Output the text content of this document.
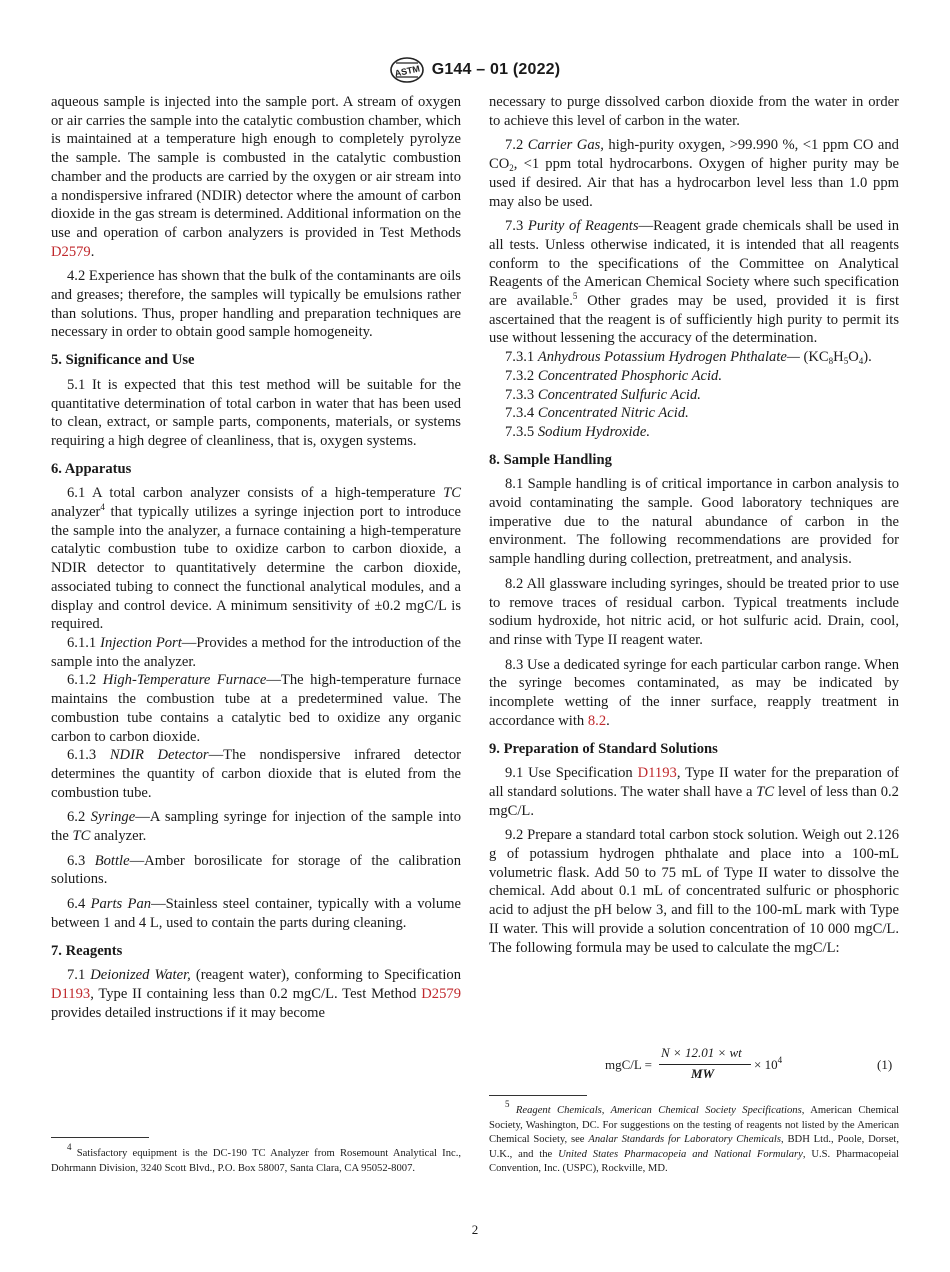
ASTM G144 – 01 (2022)

aqueous sample is injected into the sample port. A stream of oxygen or air carries the sample into the catalytic combustion chamber, which is maintained at a temperature high enough to completely pyrolyze the sample. The sample is combusted in the catalytic combustion chamber and the products are carried by the oxygen or air stream into a nondispersive infrared (NDIR) detector where the amount of carbon dioxide in the gas stream is determined. Additional information on the use and operation of carbon analyzers is provided in Test Methods D2579.

4.2 Experience has shown that the bulk of the contaminants are oils and greases; therefore, the samples will typically be emulsions rather than solutions. Thus, proper handling and preparation techniques are necessary in order to obtain good sample homogeneity.

5. Significance and Use

5.1 It is expected that this test method will be suitable for the quantitative determination of total carbon in water that has been used to clean, extract, or sample parts, components, materials, or systems requiring a high degree of cleanliness, that is, oxygen systems.

6. Apparatus

6.1 A total carbon analyzer consists of a high-temperature TC analyzer$^4$ that typically utilizes a syringe injection port to introduce the sample into the analyzer, a furnace containing a high-temperature catalytic combustion tube to oxidize carbon to carbon dioxide, a NDIR detector to quantitatively determine the carbon dioxide, associated tubing to connect the functional analytical modules, and a display and control device. A minimum sensitivity of ±0.2 mgC/L is required.

6.1.1 Injection Port—Provides a method for the introduction of the sample into the analyzer.

6.1.2 High-Temperature Furnace—The high-temperature furnace maintains the combustion tube at a predetermined value. The combustion tube contains a catalytic bed to oxidize any organic carbon to carbon dioxide.

6.1.3 NDIR Detector—The nondispersive infrared detector determines the quantity of carbon dioxide that is eluted from the combustion tube.

6.2 Syringe—A sampling syringe for injection of the sample into the TC analyzer.

6.3 Bottle—Amber borosilicate for storage of the calibration solutions.

6.4 Parts Pan—Stainless steel container, typically with a volume between 1 and 4 L, used to contain the parts during cleaning.

7. Reagents

7.1 Deionized Water, (reagent water), conforming to Specification D1193, Type II containing less than 0.2 mgC/L. Test Method D2579 provides detailed instructions if it may become

$^4$ Satisfactory equipment is the DC-190 TC Analyzer from Rosemount Analytical Inc., Dohrmann Division, 3240 Scott Blvd., P.O. Box 58007, Santa Clara, CA 95052-8007.

necessary to purge dissolved carbon dioxide from the water in order to achieve this level of carbon in the water.

7.2 Carrier Gas, high-purity oxygen, >99.990 %, <1 ppm CO and $CO_2$, <1 ppm total hydrocarbons. Oxygen of higher purity may be used if desired. Air that has a hydrocarbon level less than 1.0 ppm may also be used.

7.3 Purity of Reagents—Reagent grade chemicals shall be used in all tests. Unless otherwise indicated, it is intended that all reagents conform to the specifications of the Committee on Analytical Reagents of the American Chemical Society where such specification are available.$^5$ Other grades may be used, provided it is first ascertained that the reagent is of sufficiently high purity to permit its use without lessening the accuracy of the determination.

7.3.1 Anhydrous Potassium Hydrogen Phthalate— $(KC_8H_5O_4)$.

7.3.2 Concentrated Phosphoric Acid.

7.3.3 Concentrated Sulfuric Acid.

7.3.4 Concentrated Nitric Acid.

7.3.5 Sodium Hydroxide.

8. Sample Handling

8.1 Sample handling is of critical importance in carbon analysis to avoid contaminating the sample. Good laboratory techniques are imperative due to the natural abundance of carbon in the environment. The following recommendations are provided for sample handling during collection, pretreatment, and analysis.

8.2 All glassware including syringes, should be treated prior to use to remove traces of residual carbon. Typical treatments include sodium hydroxide, hot nitric acid, or hot sulfuric acid. Drain, cool, and rinse with Type II reagent water.

8.3 Use a dedicated syringe for each particular carbon range. When the syringe becomes contaminated, as may be indicated by incomplete wetting of the inner surface, reapply treatment in accordance with 8.2.

9. Preparation of Standard Solutions

9.1 Use Specification D1193, Type II water for the preparation of all standard solutions. The water shall have a TC level of less than 0.2 mgC/L.

9.2 Prepare a standard total carbon stock solution. Weigh out 2.126 g of potassium hydrogen phthalate and place into a 100-mL volumetric flask. Add 50 to 75 mL of Type II water to dissolve the chemical. Add about 0.1 mL of concentrated sulfuric or phosphoric acid to adjust the pH below 3, and fill to the 100-mL mark with Type II water. This will provide a solution concentration of 10 000 mgC/L. The following formula may be used to calculate the mgC/L:

mgC/L =
N × 12.01 × wt
MW
× $10^4$	(1)

$^5$ Reagent Chemicals, American Chemical Society Specifications, American Chemical Society, Washington, DC. For suggestions on the testing of reagents not listed by the American Chemical Society, see Analar Standards for Laboratory Chemicals, BDH Ltd., Poole, Dorset, U.K., and the United States Pharmacopeia and National Formulary, U.S. Pharmacopeial Convention, Inc. (USPC), Rockville, MD.

2
